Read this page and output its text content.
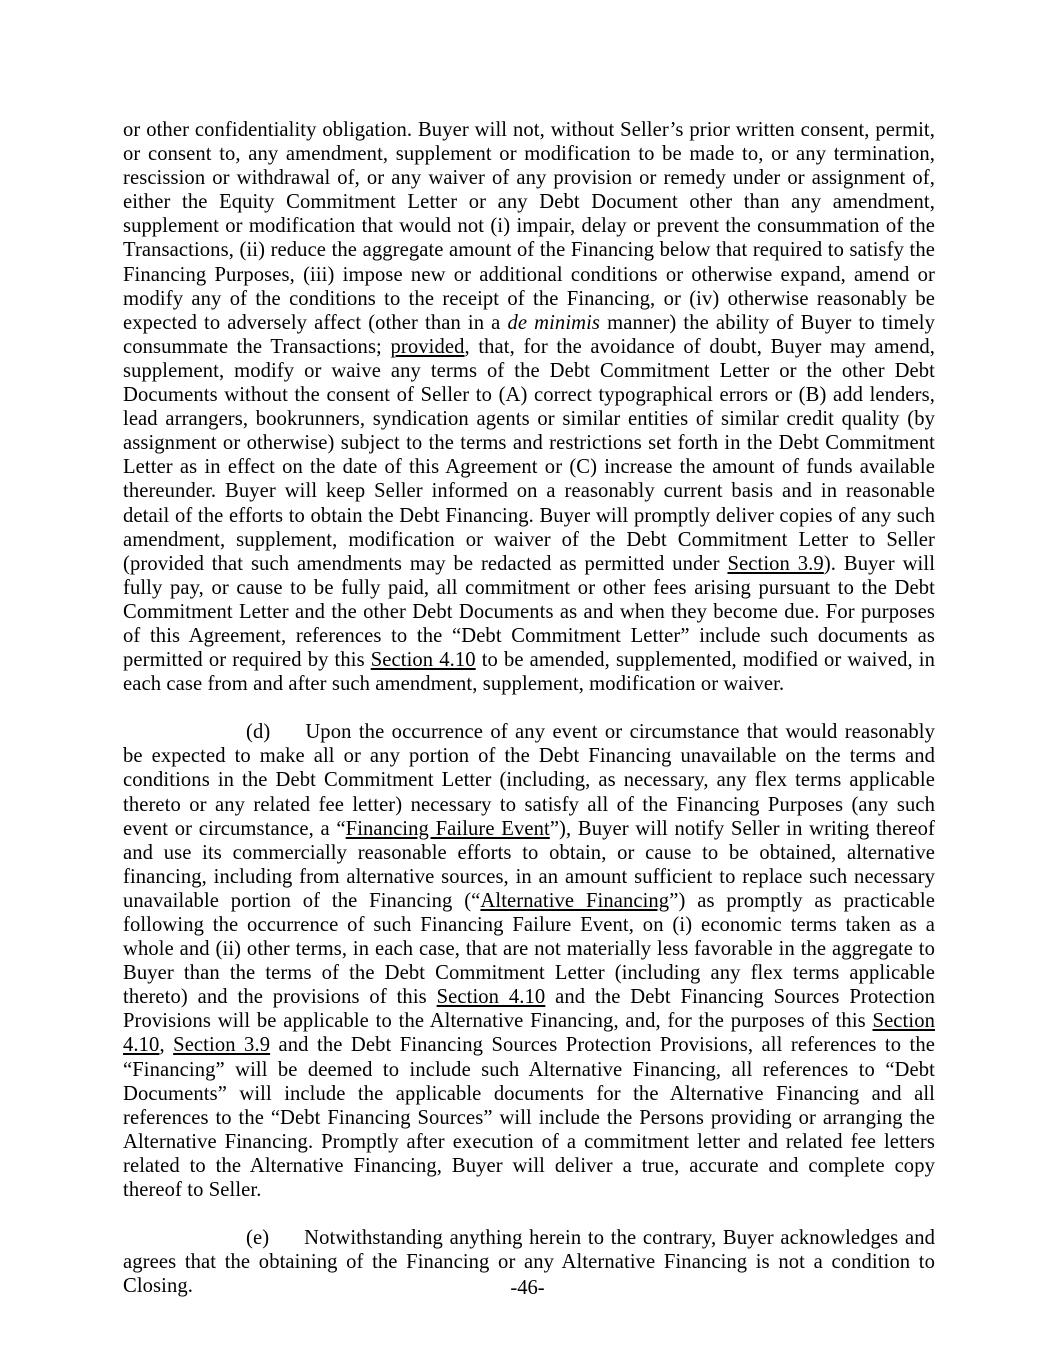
or other confidentiality obligation. Buyer will not, without Seller’s prior written consent, permit, or consent to, any amendment, supplement or modification to be made to, or any termination, rescission or withdrawal of, or any waiver of any provision or remedy under or assignment of, either the Equity Commitment Letter or any Debt Document other than any amendment, supplement or modification that would not (i) impair, delay or prevent the consummation of the Transactions, (ii) reduce the aggregate amount of the Financing below that required to satisfy the Financing Purposes, (iii) impose new or additional conditions or otherwise expand, amend or modify any of the conditions to the receipt of the Financing, or (iv) otherwise reasonably be expected to adversely affect (other than in a de minimis manner) the ability of Buyer to timely consummate the Transactions; provided, that, for the avoidance of doubt, Buyer may amend, supplement, modify or waive any terms of the Debt Commitment Letter or the other Debt Documents without the consent of Seller to (A) correct typographical errors or (B) add lenders, lead arrangers, bookrunners, syndication agents or similar entities of similar credit quality (by assignment or otherwise) subject to the terms and restrictions set forth in the Debt Commitment Letter as in effect on the date of this Agreement or (C) increase the amount of funds available thereunder. Buyer will keep Seller informed on a reasonably current basis and in reasonable detail of the efforts to obtain the Debt Financing. Buyer will promptly deliver copies of any such amendment, supplement, modification or waiver of the Debt Commitment Letter to Seller (provided that such amendments may be redacted as permitted under Section 3.9). Buyer will fully pay, or cause to be fully paid, all commitment or other fees arising pursuant to the Debt Commitment Letter and the other Debt Documents as and when they become due. For purposes of this Agreement, references to the “Debt Commitment Letter” include such documents as permitted or required by this Section 4.10 to be amended, supplemented, modified or waived, in each case from and after such amendment, supplement, modification or waiver.

(d) Upon the occurrence of any event or circumstance that would reasonably be expected to make all or any portion of the Debt Financing unavailable on the terms and conditions in the Debt Commitment Letter (including, as necessary, any flex terms applicable thereto or any related fee letter) necessary to satisfy all of the Financing Purposes (any such event or circumstance, a “Financing Failure Event”), Buyer will notify Seller in writing thereof and use its commercially reasonable efforts to obtain, or cause to be obtained, alternative financing, including from alternative sources, in an amount sufficient to replace such necessary unavailable portion of the Financing (“Alternative Financing”) as promptly as practicable following the occurrence of such Financing Failure Event, on (i) economic terms taken as a whole and (ii) other terms, in each case, that are not materially less favorable in the aggregate to Buyer than the terms of the Debt Commitment Letter (including any flex terms applicable thereto) and the provisions of this Section 4.10 and the Debt Financing Sources Protection Provisions will be applicable to the Alternative Financing, and, for the purposes of this Section 4.10, Section 3.9 and the Debt Financing Sources Protection Provisions, all references to the “Financing” will be deemed to include such Alternative Financing, all references to “Debt Documents” will include the applicable documents for the Alternative Financing and all references to the “Debt Financing Sources” will include the Persons providing or arranging the Alternative Financing. Promptly after execution of a commitment letter and related fee letters related to the Alternative Financing, Buyer will deliver a true, accurate and complete copy thereof to Seller.

(e) Notwithstanding anything herein to the contrary, Buyer acknowledges and agrees that the obtaining of the Financing or any Alternative Financing is not a condition to Closing.	-46-
